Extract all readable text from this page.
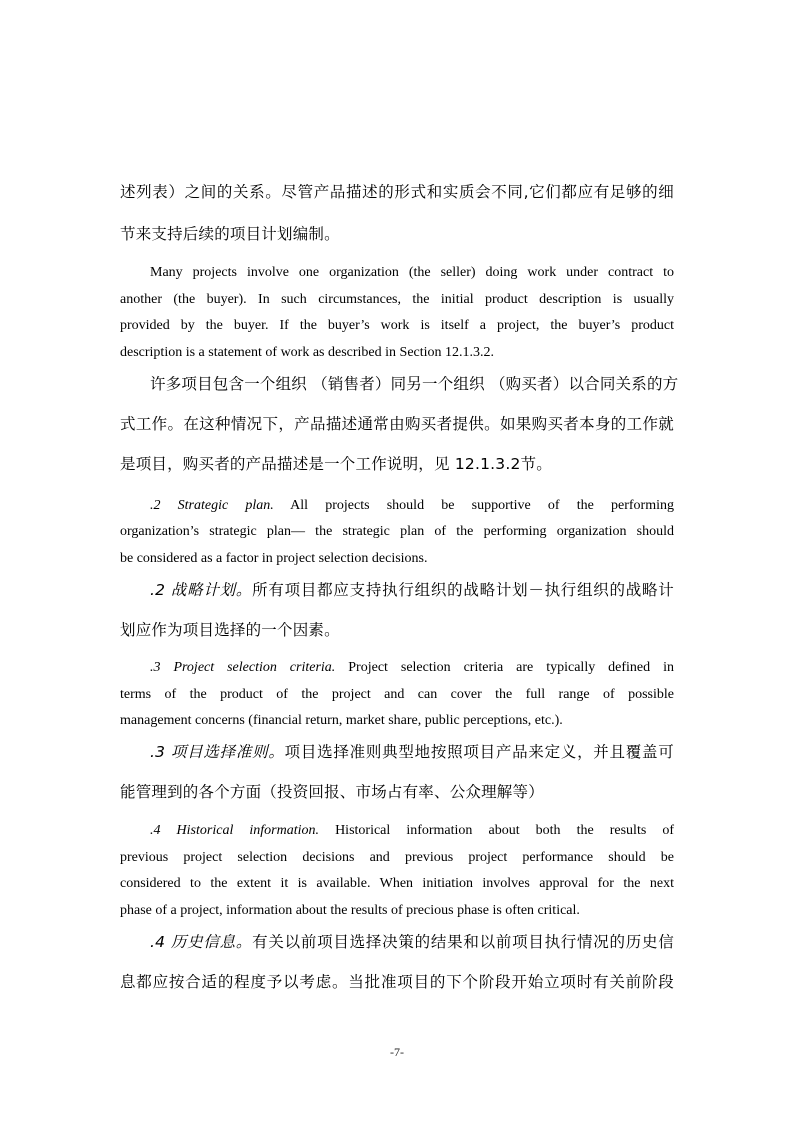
述列表）之间的关系。尽管产品描述的形式和实质会不同,它们都应有足够的细
节来支持后续的项目计划编制。
Many projects involve one organization (the seller) doing work under contract to
another (the buyer). In such circumstances, the initial product description is usually
provided by the buyer. If the buyer’s work is itself a project, the buyer’s product
description is a statement of work as described in Section 12.1.3.2.
许多项目包含一个组织 （销售者）同另一个组织 （购买者）以合同关系的方
式工作。在这种情况下，产品描述通常由购买者提供。如果购买者本身的工作就
是项目，购买者的产品描述是一个工作说明，见 12.1.3.2节。
.2 Strategic plan. All projects should be supportive of the performing
organization’s strategic plan— the strategic plan of the performing organization should
be considered as a factor in project selection decisions.
.2 战略计划。所有项目都应支持执行组织的战略计划－执行组织的战略计
划应作为项目选择的一个因素。
.3 Project selection criteria. Project selection criteria are typically defined in
terms of the product of the project and can cover the full range of possible
management concerns (financial return, market share, public perceptions, etc.).
.3 项目选择准则。项目选择准则典型地按照项目产品来定义，并且覆盖可
能管理到的各个方面（投资回报、市场占有率、公众理解等）
.4 Historical information. Historical information about both the results of
previous project selection decisions and previous project performance should be
considered to the extent it is available. When initiation involves approval for the next
phase of a project, information about the results of precious phase is often critical.
.4 历史信息。有关以前项目选择决策的结果和以前项目执行情况的历史信
息都应按合适的程度予以考虑。当批准项目的下个阶段开始立项时有关前阶段
-7-
